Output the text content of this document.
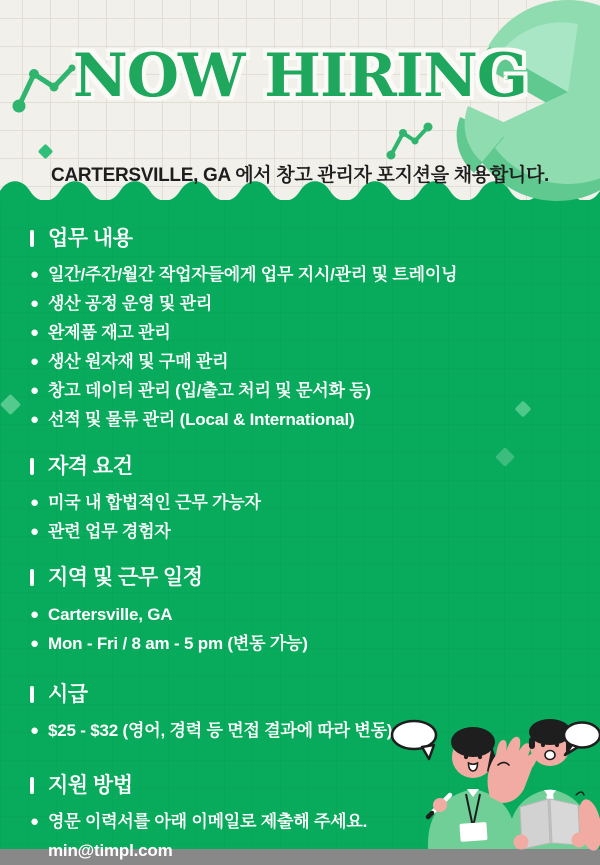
NOW HIRING
CARTERSVILLE, GA 에서 창고 관리자 포지션을 채용합니다.
업무 내용
● 일간/주간/월간 작업자들에게 업무 지시/관리 및 트레이닝
● 생산 공정 운영 및 관리
● 완제품 재고 관리
● 생산 원자재 및 구매 관리
● 창고 데이터 관리 (입/출고 처리 및 문서화 등)
● 선적 및 물류 관리 (Local & International)
자격 요건
● 미국 내 합법적인 근무 가능자
● 관련 업무 경험자
지역 및 근무 일정
● Cartersville, GA
● Mon - Fri / 8 am - 5 pm (변동 가능)
시급
● $25 - $32 (영어, 경력 등 면접 결과에 따라 변동)
지원 방법
● 영문 이력서를 아래 이메일로 제출해 주세요.
min@timpl.com
